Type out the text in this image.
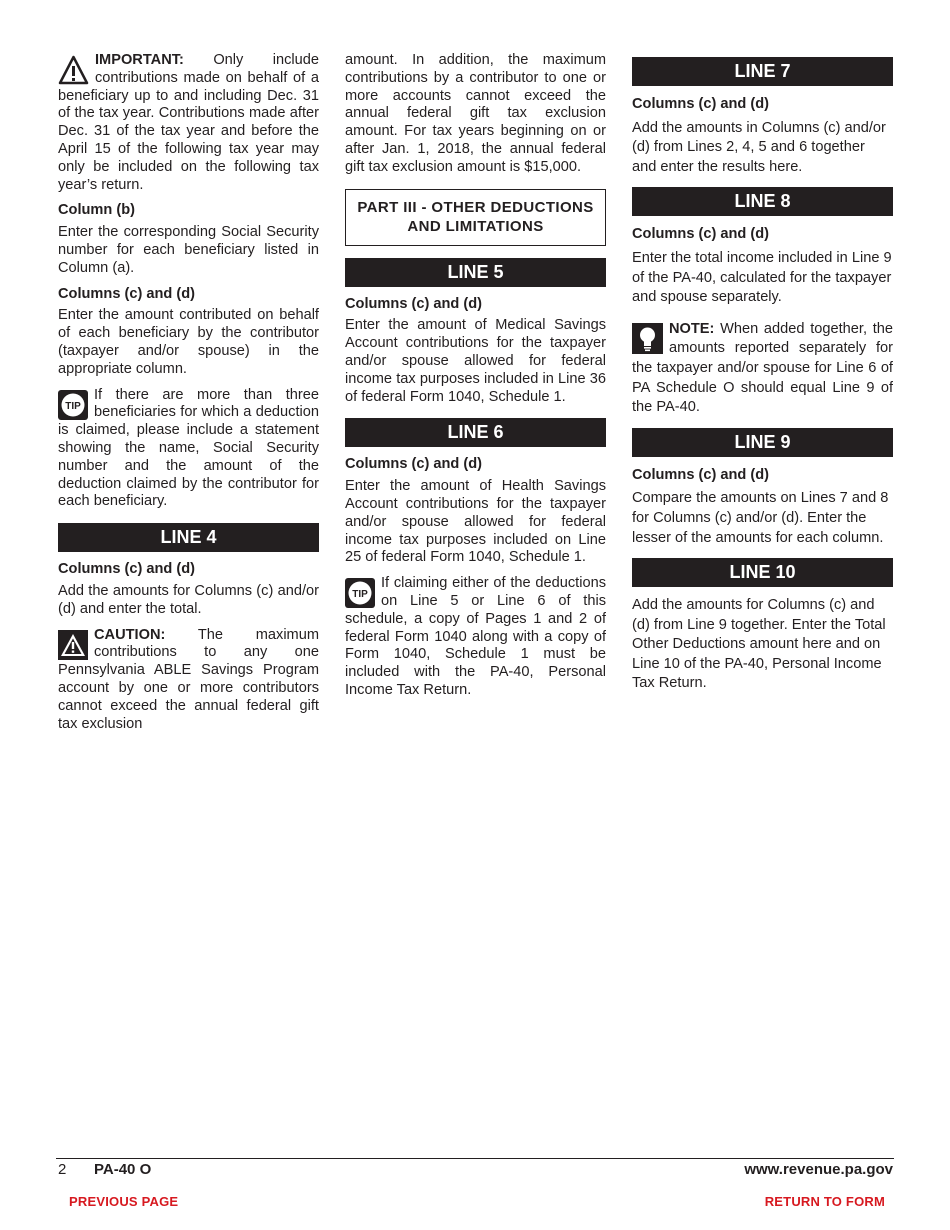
IMPORTANT: Only include contributions made on behalf of a beneficiary up to and including Dec. 31 of the tax year. Contributions made after Dec. 31 of the tax year and before the April 15 of the following tax year may only be included on the following tax year’s return.
Column (b)

Enter the corresponding Social Security number for each beneficiary listed in Column (a).

Columns (c) and (d)

Enter the amount contributed on behalf of each beneficiary by the contributor (taxpayer and/or spouse) in the appropriate column.

TIP
If there are more than three beneficiaries for which a deduction is claimed, please include a statement showing the name, Social Security number and the amount of the deduction claimed by the contributor for each beneficiary.
LINE 4
Columns (c) and (d)

Add the amounts for Columns (c) and/or (d) and enter the total.

CAUTION: The maximum contributions to any one Pennsylvania ABLE Savings Program account by one or more contributors cannot exceed the annual federal gift tax exclusion

amount. In addition, the maximum contributions by a contributor to one or more accounts cannot exceed the annual federal gift tax exclusion amount. For tax years beginning on or after Jan. 1, 2018, the annual federal gift tax exclusion amount is $15,000.

PART III - OTHER DEDUCTIONS AND LIMITATIONS
LINE 5
Columns (c) and (d)

Enter the amount of Medical Savings Account contributions for the taxpayer and/or spouse allowed for federal income tax purposes included in Line 36 of federal Form 1040, Schedule 1.

LINE 6
Columns (c) and (d)

Enter the amount of Health Savings Account contributions for the taxpayer and/or spouse allowed for federal income tax purposes included on Line 25 of federal Form 1040, Schedule 1.

TIP
If claiming either of the deductions on Line 5 or Line 6 of this schedule, a copy of Pages 1 and 2 of federal Form 1040 along with a copy of Form 1040, Schedule 1 must be included with the PA-40, Personal Income Tax Return.
LINE 7
Columns (c) and (d)

Add the amounts in Columns (c) and/or (d) from Lines 2, 4, 5 and 6 together and enter the results here.

LINE 8
Columns (c) and (d)

Enter the total income included in Line 9 of the PA-40, calculated for the taxpayer and spouse separately.

NOTE: When added together, the amounts reported separately for the taxpayer and/or spouse for Line 6 of PA Schedule O should equal Line 9 of the PA-40.
LINE 9
Columns (c) and (d)

Compare the amounts on Lines 7 and 8 for Columns (c) and/or (d). Enter the lesser of the amounts for each column.

LINE 10

Add the amounts for Columns (c) and (d) from Line 9 together. Enter the Total Other Deductions amount here and on Line 10 of the PA-40, Personal Income Tax Return.

2 PA-40 O	www.revenue.pa.gov
PREVIOUS PAGE	RETURN TO FORM
